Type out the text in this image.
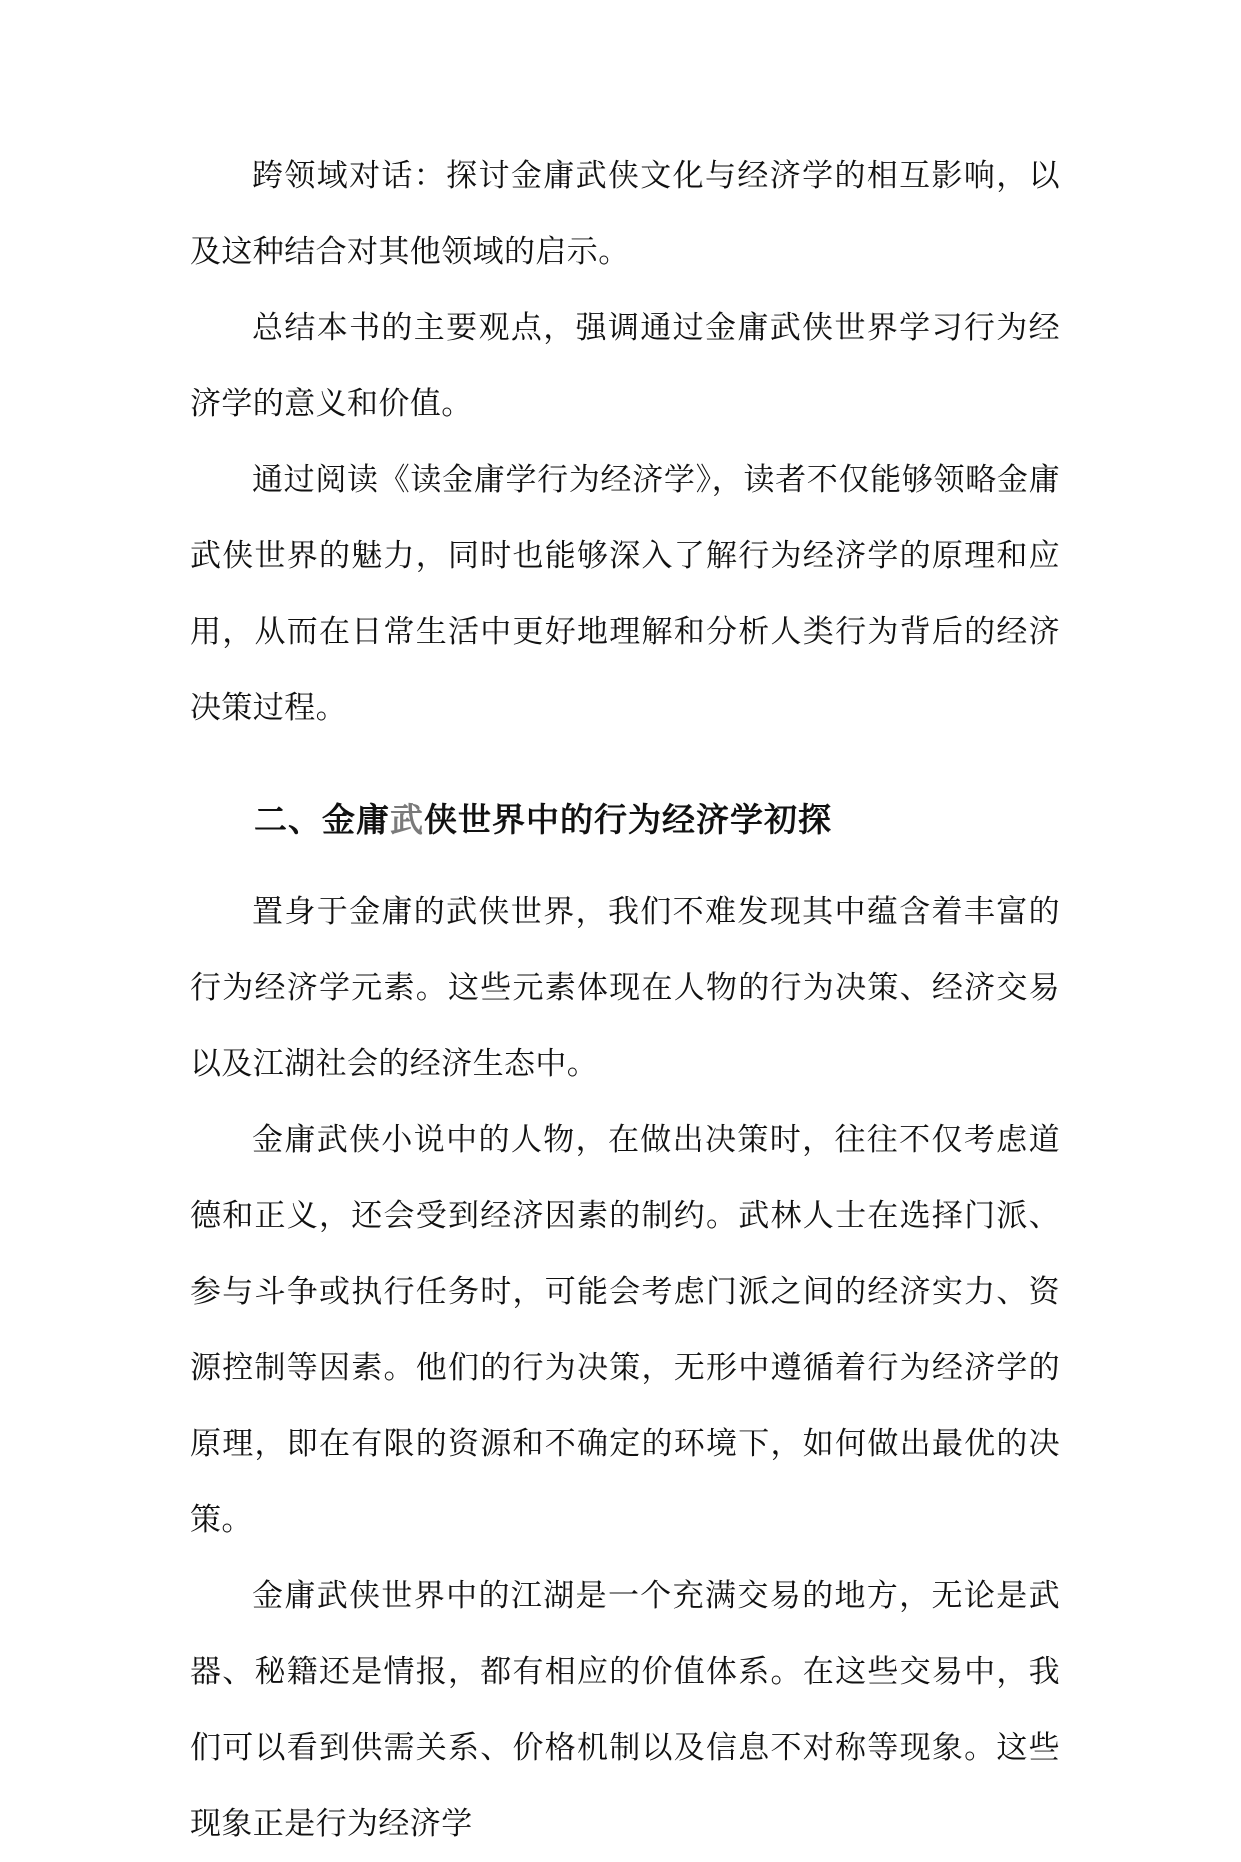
跨领域对话：探讨金庸武侠文化与经济学的相互影响，以及这种结合对其他领域的启示。

总结本书的主要观点，强调通过金庸武侠世界学习行为经济学的意义和价值。

通过阅读《读金庸学行为经济学》，读者不仅能够领略金庸武侠世界的魅力，同时也能够深入了解行为经济学的原理和应用，从而在日常生活中更好地理解和分析人类行为背后的经济决策过程。

二、金庸武侠世界中的行为经济学初探

置身于金庸的武侠世界，我们不难发现其中蕴含着丰富的行为经济学元素。这些元素体现在人物的行为决策、经济交易以及江湖社会的经济生态中。

金庸武侠小说中的人物，在做出决策时，往往不仅考虑道德和正义，还会受到经济因素的制约。武林人士在选择门派、参与斗争或执行任务时，可能会考虑门派之间的经济实力、资源控制等因素。他们的行为决策，无形中遵循着行为经济学的原理，即在有限的资源和不确定的环境下，如何做出最优的决策。

金庸武侠世界中的江湖是一个充满交易的地方，无论是武器、秘籍还是情报，都有相应的价值体系。在这些交易中，我们可以看到供需关系、价格机制以及信息不对称等现象。这些现象正是行为经济学
